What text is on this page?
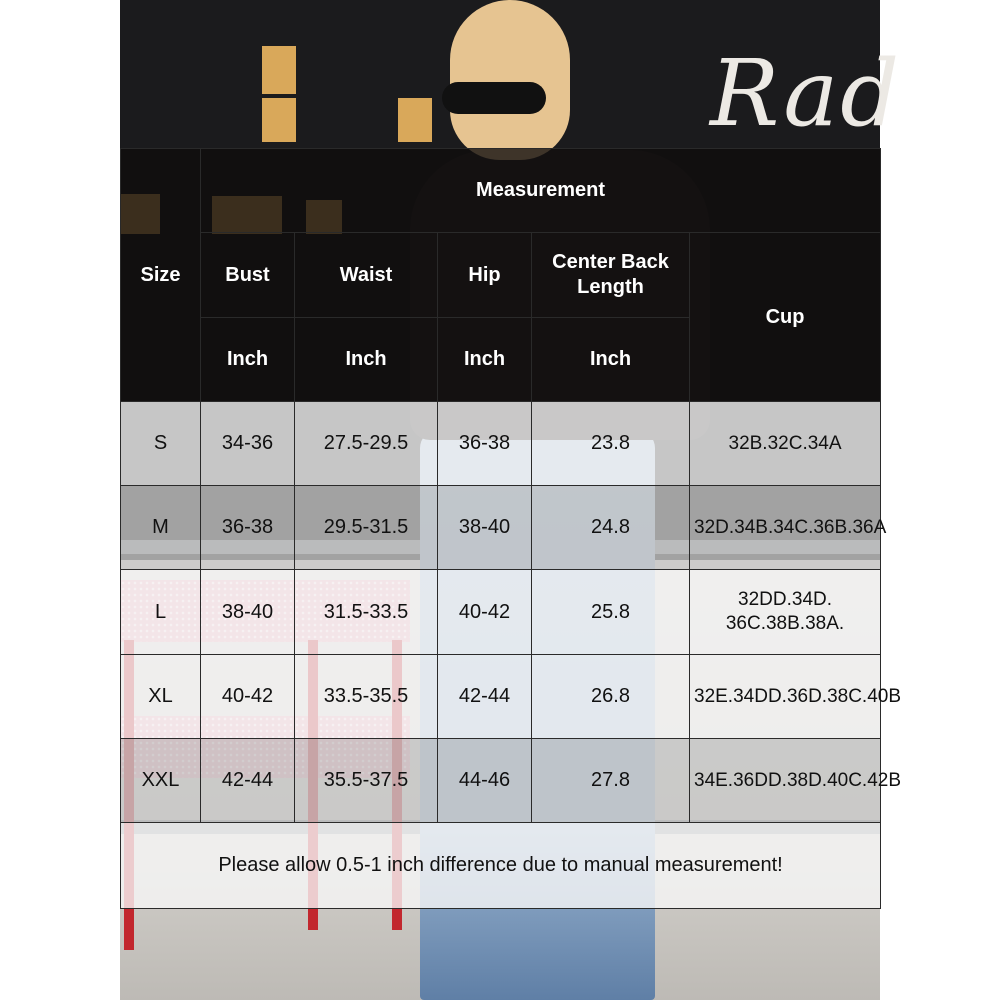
Rad
Size	Measurement				
	Bust	Waist	Hip	Center Back Length	Cup
	Inch	Inch	Inch	Inch	
S	34-36	27.5-29.5	36-38	23.8	32B.32C.34A
M	36-38	29.5-31.5	38-40	24.8	32D.34B.34C.36B.36A
L	38-40	31.5-33.5	40-42	25.8	32DD.34D. 36C.38B.38A.
XL	40-42	33.5-35.5	42-44	26.8	32E.34DD.36D.38C.40B
XXL	42-44	35.5-37.5	44-46	27.8	34E.36DD.38D.40C.42B
Please allow 0.5-1 inch difference due to manual measurement!					
